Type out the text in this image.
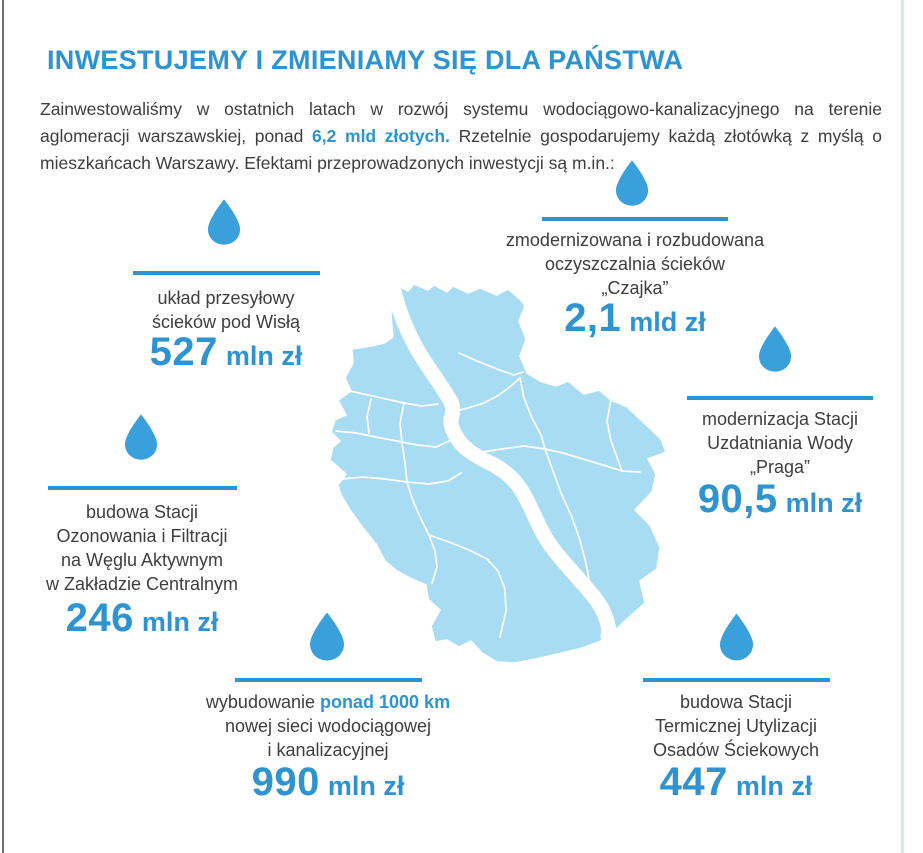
INWESTUJEMY I ZMIENIAMY SIĘ DLA PAŃSTWA

Zainwestowaliśmy w ostatnich latach w rozwój systemu wodociągowo-kanalizacyjnego na terenie aglomeracji warszawskiej, ponad 6,2 mld złotych. Rzetelnie gospodarujemy każdą złotówką z myślą o mieszkańcach Warszawy. Efektami przeprowadzonych inwestycji są m.in.:

układ przesyłowy
ścieków pod Wisłą
527 mln zł
zmodernizowana i rozbudowana
oczyszczalnia ścieków
„Czajka”
2,1 mld zł
modernizacja Stacji
Uzdatniania Wody
„Praga”
90,5 mln zł
budowa Stacji
Ozonowania i Filtracji
na Węglu Aktywnym
w Zakładzie Centralnym
246 mln zł
wybudowanie ponad 1000 km
nowej sieci wodociągowej
i kanalizacyjnej
990 mln zł
budowa Stacji
Termicznej Utylizacji
Osadów Ściekowych
447 mln zł
